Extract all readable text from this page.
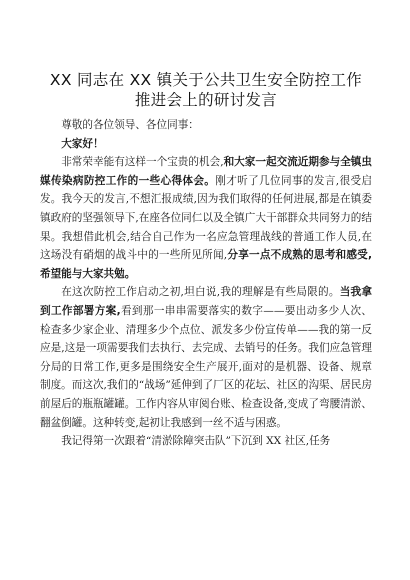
XX 同志在 XX 镇关于公共卫生安全防控工作
推进会上的研讨发言

尊敬的各位领导、各位同事：

大家好！

非常荣幸能有这样一个宝贵的机会,和大家一起交流近期参与全镇虫媒传染病防控工作的一些心得体会。刚才听了几位同事的发言,很受启发。我今天的发言,不想汇报成绩,因为我们取得的任何进展,都是在镇委镇政府的坚强领导下,在座各位同仁以及全镇广大干部群众共同努力的结果。我想借此机会,结合自己作为一名应急管理战线的普通工作人员,在这场没有硝烟的战斗中的一些所见所闻,分享一点不成熟的思考和感受,希望能与大家共勉。

在这次防控工作启动之初,坦白说,我的理解是有些局限的。当我拿到工作部署方案,看到那一串串需要落实的数字——要出动多少人次、检查多少家企业、清理多少个点位、派发多少份宣传单——我的第一反应是,这是一项需要我们去执行、去完成、去销号的任务。我们应急管理分局的日常工作,更多是围绕安全生产展开,面对的是机器、设备、规章制度。而这次,我们的“战场”延伸到了厂区的花坛、社区的沟渠、居民房前屋后的瓶瓶罐罐。工作内容从审阅台账、检查设备,变成了弯腰清淤、翻盆倒罐。这种转变,起初让我感到一丝不适与困惑。

我记得第一次跟着“清淤除障突击队”下沉到 XX 社区,任务
